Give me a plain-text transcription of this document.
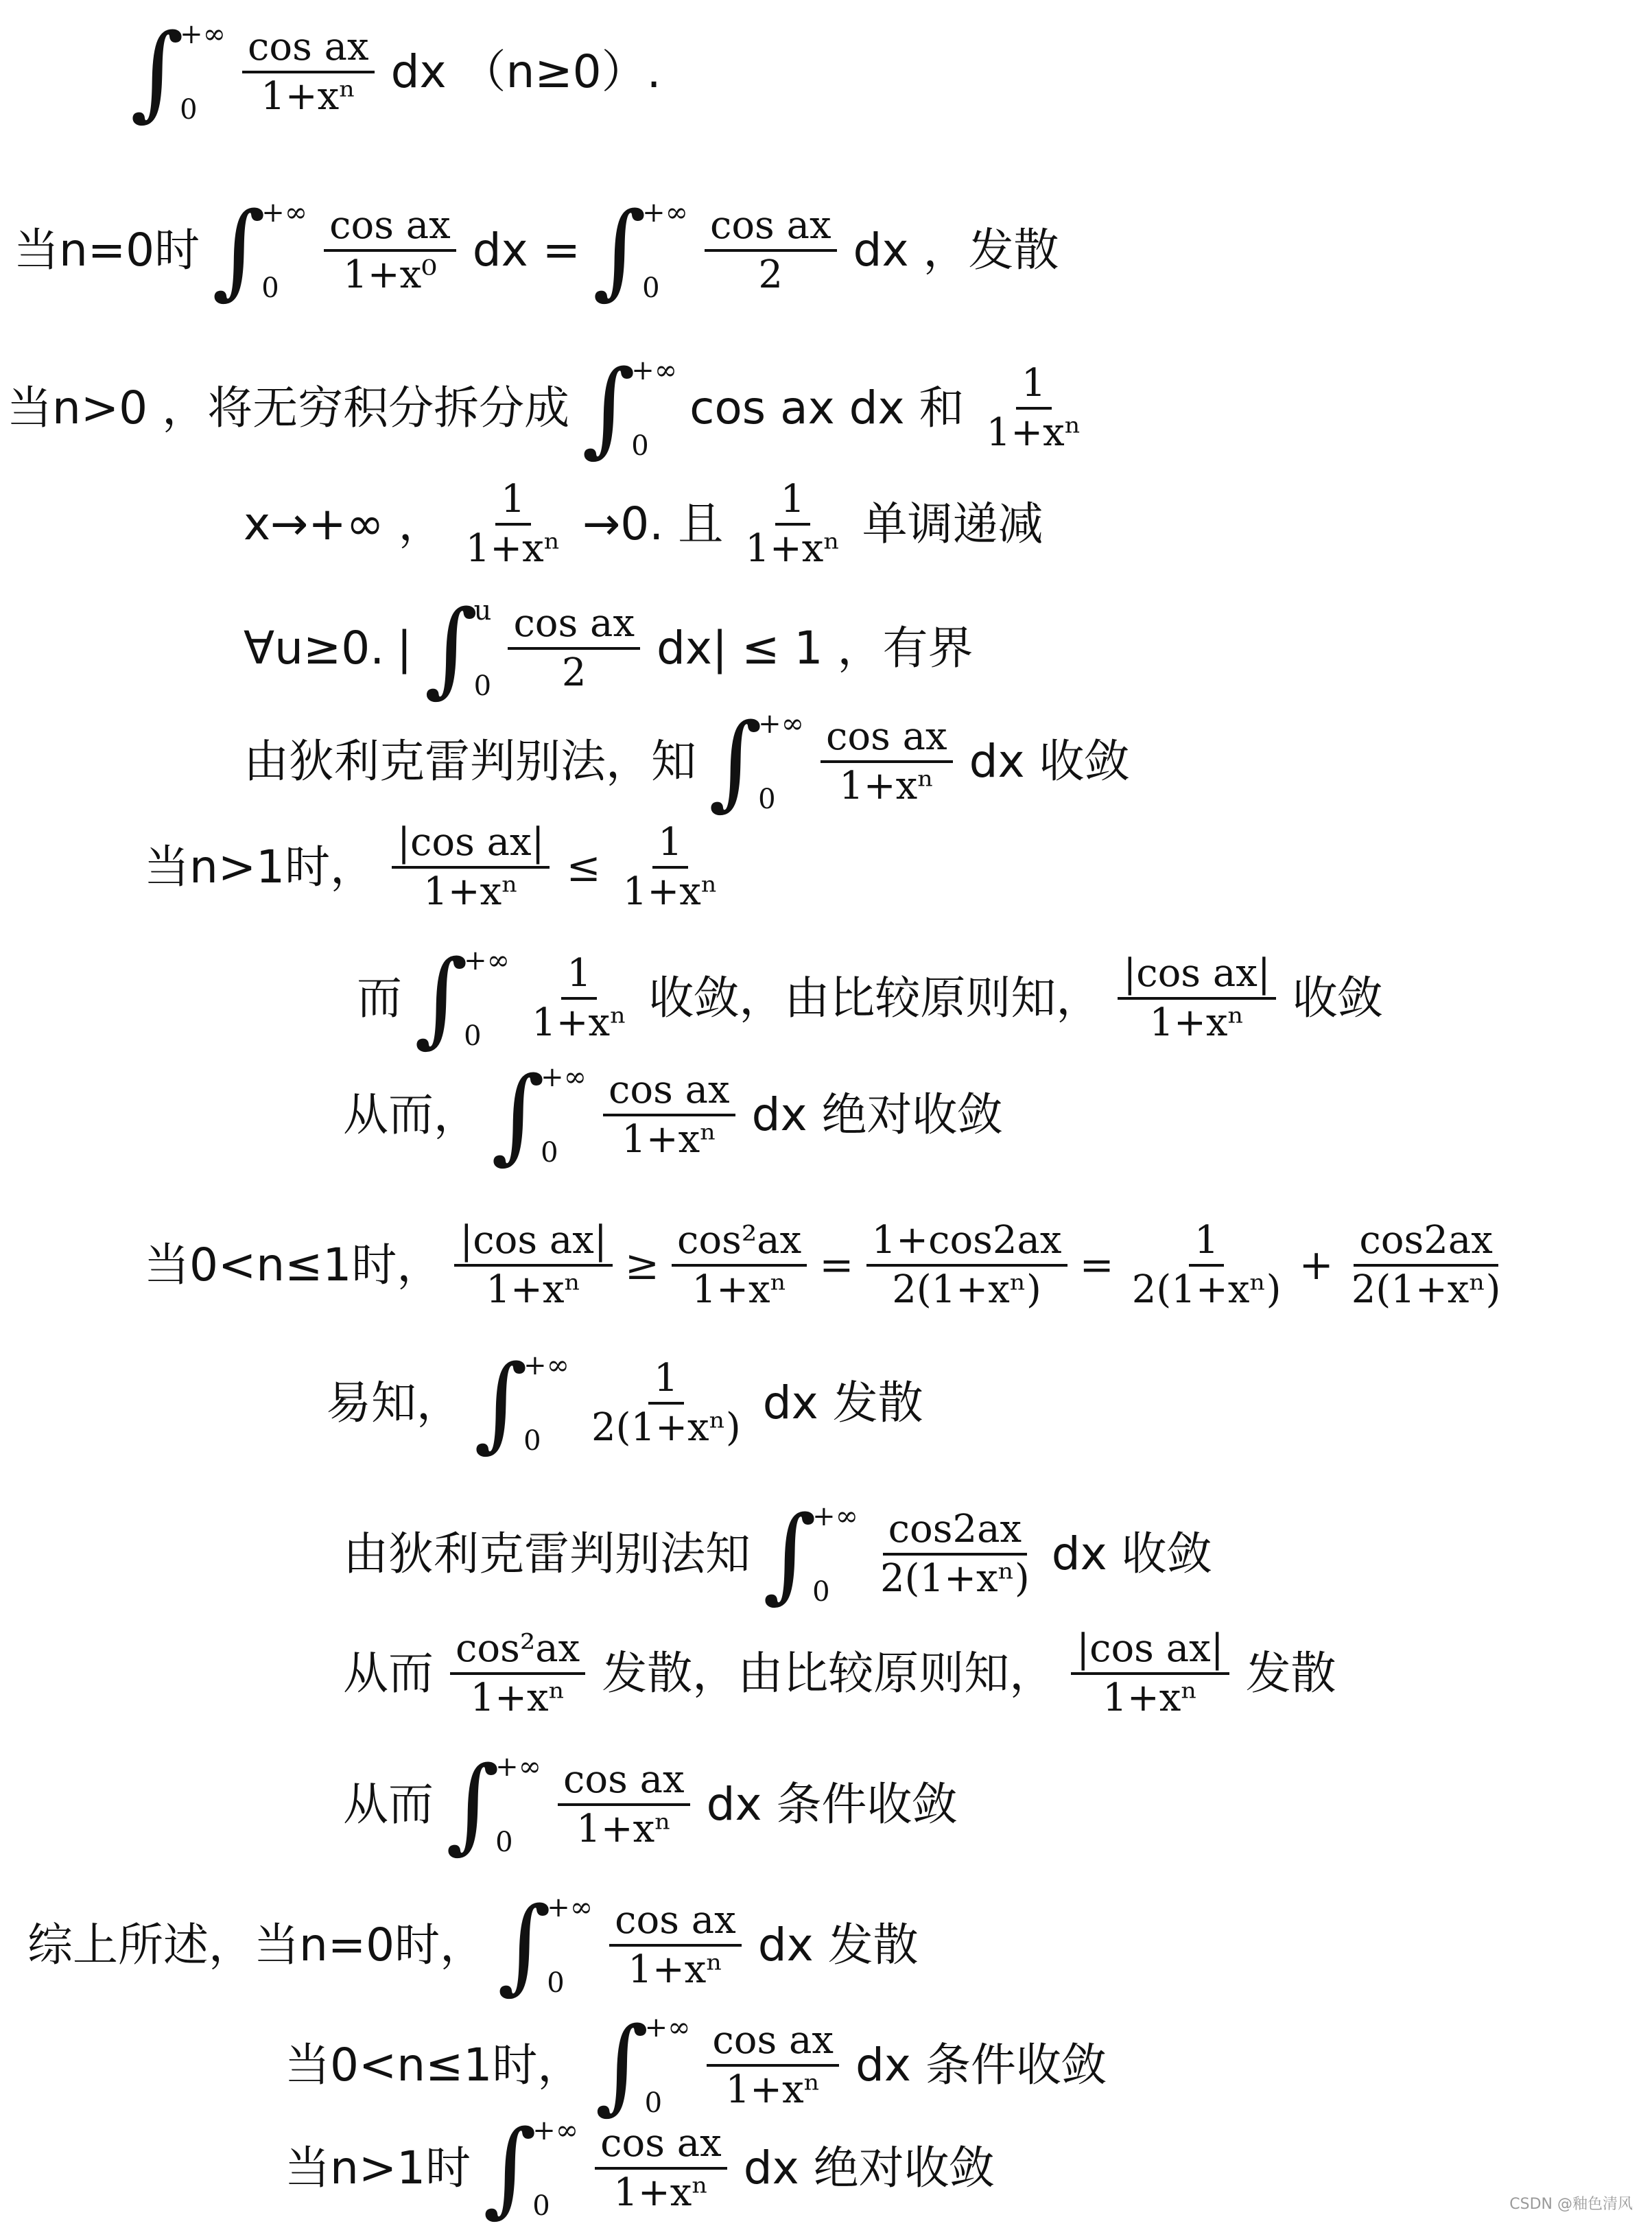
∫
+∞
0	$\frac{\text{cos ax}}{\text{1+xⁿ}}$ dx （n≥0）.
当n=0时 ∫
+∞
0	$\frac{\text{cos ax}}{\text{1+x⁰}}$ dx = ∫
+∞
0	$\frac{\text{cos ax}}{2}$ dx ，发散
当n>0 ，将无穷积分拆分成 ∫
+∞
0
cos ax dx 和 $\frac{1}{\text{1+xⁿ}}$
x→+∞ ， $\frac{1}{\text{1+xⁿ}} \to 0$. 且 $\frac{1}{\text{1+xⁿ}}$ 单调递减
∀u≥0. | ∫
u
$0 \frac{\text{cos ax}}{2} dx| \le 1$ ，有界
由狄利克雷判别法，知 ∫
+∞
0	$\frac{\text{cos ax}}{\text{1+xⁿ}}$ dx 收敛
当n>1时， $\frac{\text{|cos ax|}}{\text{1+xⁿ}} \le \frac{1}{\text{1+xⁿ}}$
而 ∫
+∞
0	$\frac{1}{\text{1+xⁿ}}$ 收敛，由比较原则知， $\frac{\text{|cos ax|}}{\text{1+xⁿ}}$ 收敛
从而， ∫
+∞
0	$\frac{\text{cos ax}}{\text{1+xⁿ}}$ dx 绝对收敛
当0<n≤1时， $\frac{\text{|cos ax|}}{\text{1+xⁿ}} \ge \frac{\text{cos²ax}}{\text{1+xⁿ}} = \frac{1+\cos 2ax}{\text{2(1+xⁿ)}} = \frac{1}{\text{2(1+xⁿ)}} + \frac{\cos 2ax}{\text{2(1+xⁿ)}}$
易知， ∫
+∞
0	$\frac{1}{\text{2(1+xⁿ)}}$ dx 发散
由狄利克雷判别法知 ∫
+∞
0	$\frac{\cos 2ax}{\text{2(1+xⁿ)}}$ dx 收敛
从而 $\frac{\text{cos²ax}}{\text{1+xⁿ}}$ 发散，由比较原则知， $\frac{\text{|cos ax|}}{\text{1+xⁿ}}$ 发散
从而 ∫
+∞
0	$\frac{\text{cos ax}}{\text{1+xⁿ}}$ dx 条件收敛
综上所述，当n=0时， ∫
+∞
0	$\frac{\text{cos ax}}{\text{1+xⁿ}}$ dx 发散
当0<n≤1时， ∫
+∞
0	$\frac{\text{cos ax}}{\text{1+xⁿ}}$ dx 条件收敛
当n>1时 ∫
+∞
0	$\frac{\text{cos ax}}{\text{1+xⁿ}}$ dx 绝对收敛
CSDN @釉色清风
